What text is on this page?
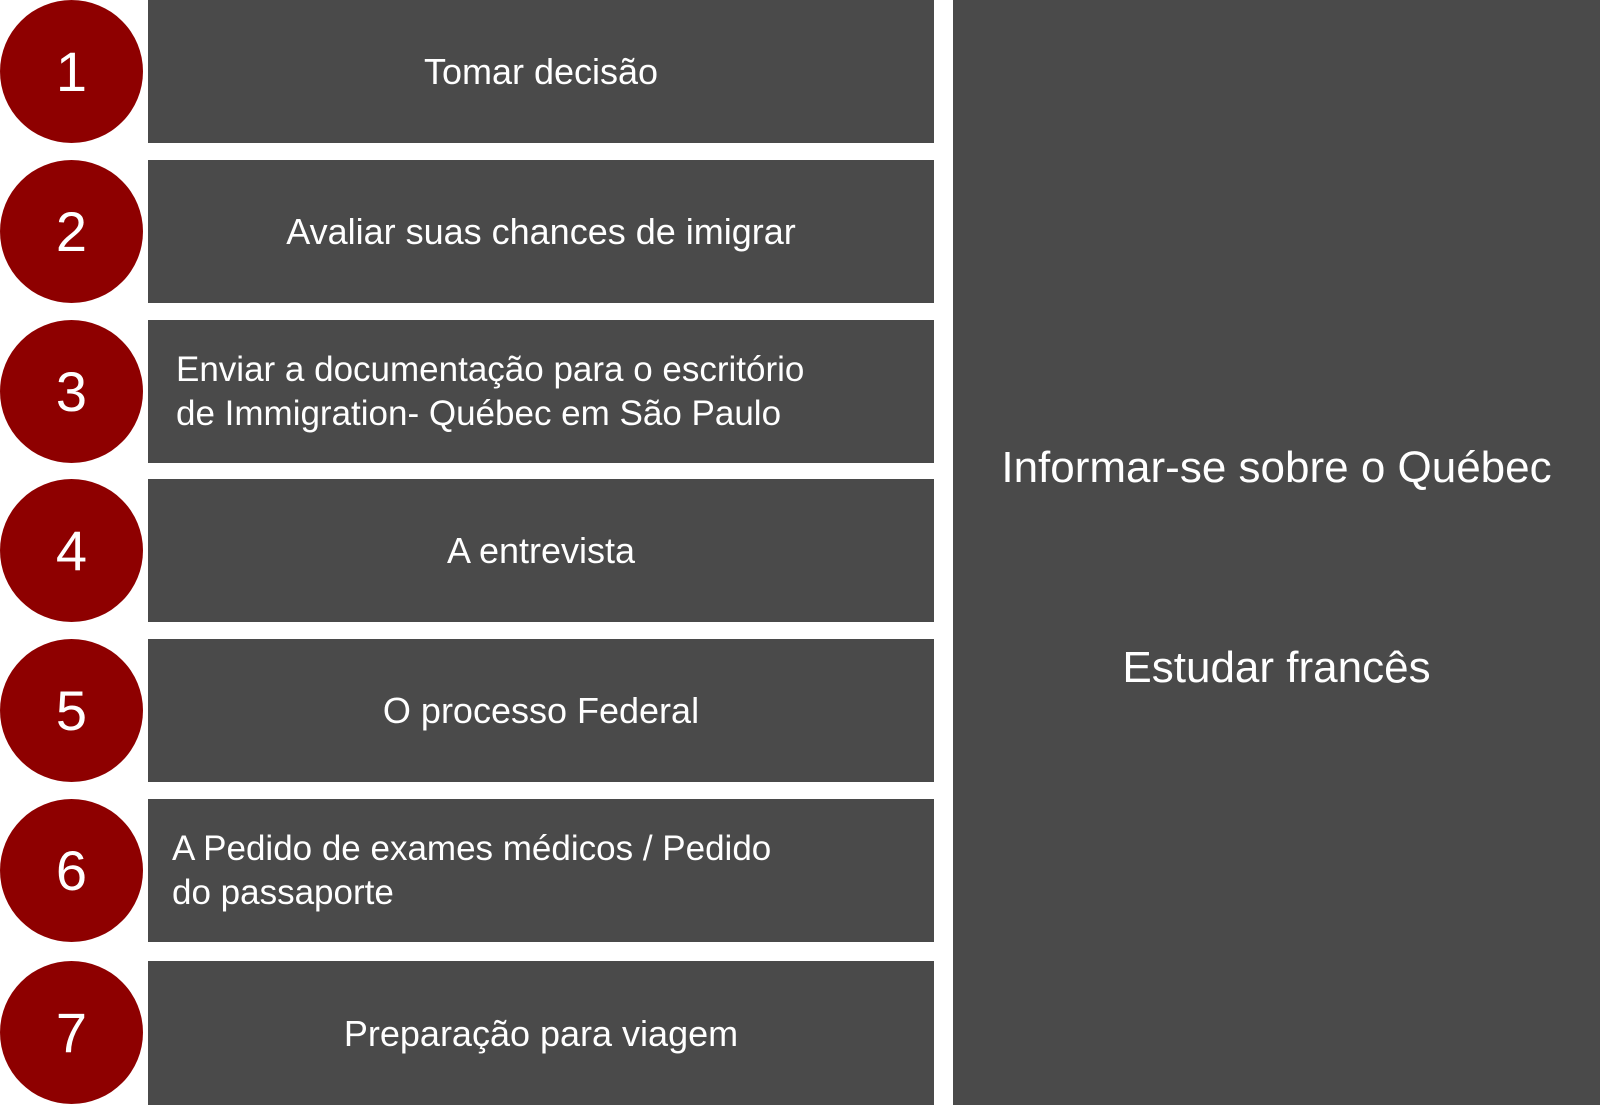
1	Tomar decisão
2	Avaliar suas chances de imigrar
3	Enviar a documentação para o escritório
de Immigration- Québec em São Paulo
4	A entrevista
5	O processo Federal
6 A Pedido de exames médicos / Pedido
do passaporte
7	Preparação para viagem
Informar-se sobre o Québec
Estudar francês
